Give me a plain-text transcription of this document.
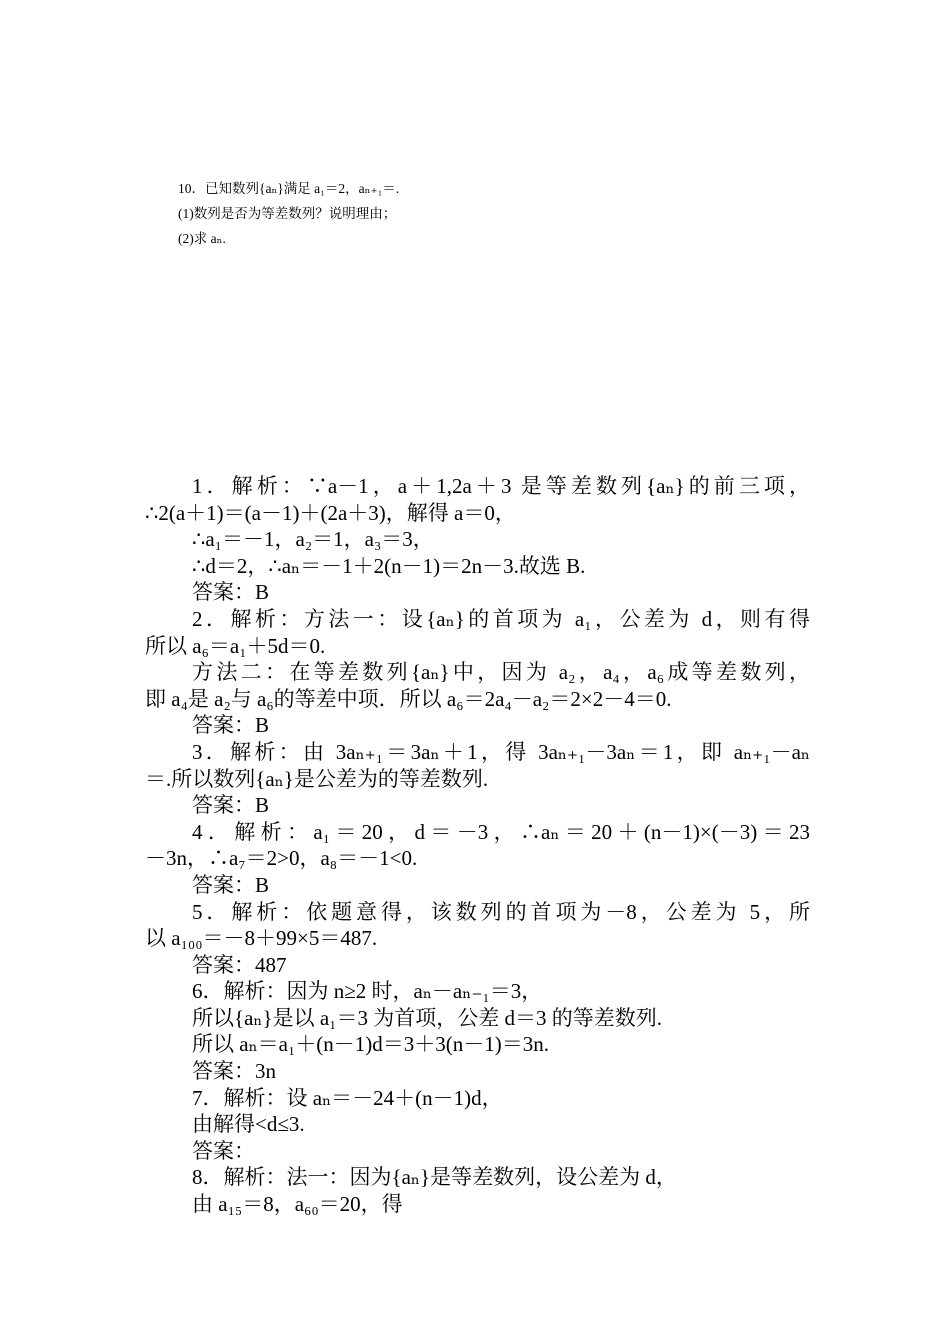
10．已知数列{aₙ}满足 a₁＝2，aₙ₊₁＝.
(1)数列是否为等差数列？说明理由；
(2)求 aₙ.

1．解析：∵a－1，a＋1,2a＋3 是等差数列{aₙ}的前三项，

∴2(a＋1)＝(a－1)＋(2a＋3)，解得 a＝0，

∴a₁＝－1，a₂＝1，a₃＝3，

∴d＝2，∴aₙ＝－1＋2(n－1)＝2n－3.故选 B.

答案：B

2．解析：方法一：设{aₙ}的首项为 a₁，公差为 d，则有得

所以 a₆＝a₁＋5d＝0.

方法二：在等差数列{aₙ}中，因为 a₂，a₄，a₆成等差数列，

即 a₄是 a₂与 a₆的等差中项．所以 a₆＝2a₄－a₂＝2×2－4＝0.

答案：B

3．解析：由 3aₙ₊₁＝3aₙ＋1，得 3aₙ₊₁－3aₙ＝1，即 aₙ₊₁－aₙ

＝.所以数列{aₙ}是公差为的等差数列.

答案：B

4．解析：a₁＝20，d＝－3，∴aₙ＝20＋(n－1)×(－3)＝23

－3n，∴a₇＝2>0，a₈＝－1<0.

答案：B

5．解析：依题意得，该数列的首项为－8，公差为 5，所

以 a₁₀₀＝－8＋99×5＝487.

答案：487

6．解析：因为 n≥2 时，aₙ－aₙ₋₁＝3，

所以{aₙ}是以 a₁＝3 为首项，公差 d＝3 的等差数列.

所以 aₙ＝a₁＋(n－1)d＝3＋3(n－1)＝3n.

答案：3n

7．解析：设 aₙ＝－24＋(n－1)d，

由解得<d≤3.

答案：

8．解析：法一：因为{aₙ}是等差数列，设公差为 d，

由 a₁₅＝8，a₆₀＝20，得
